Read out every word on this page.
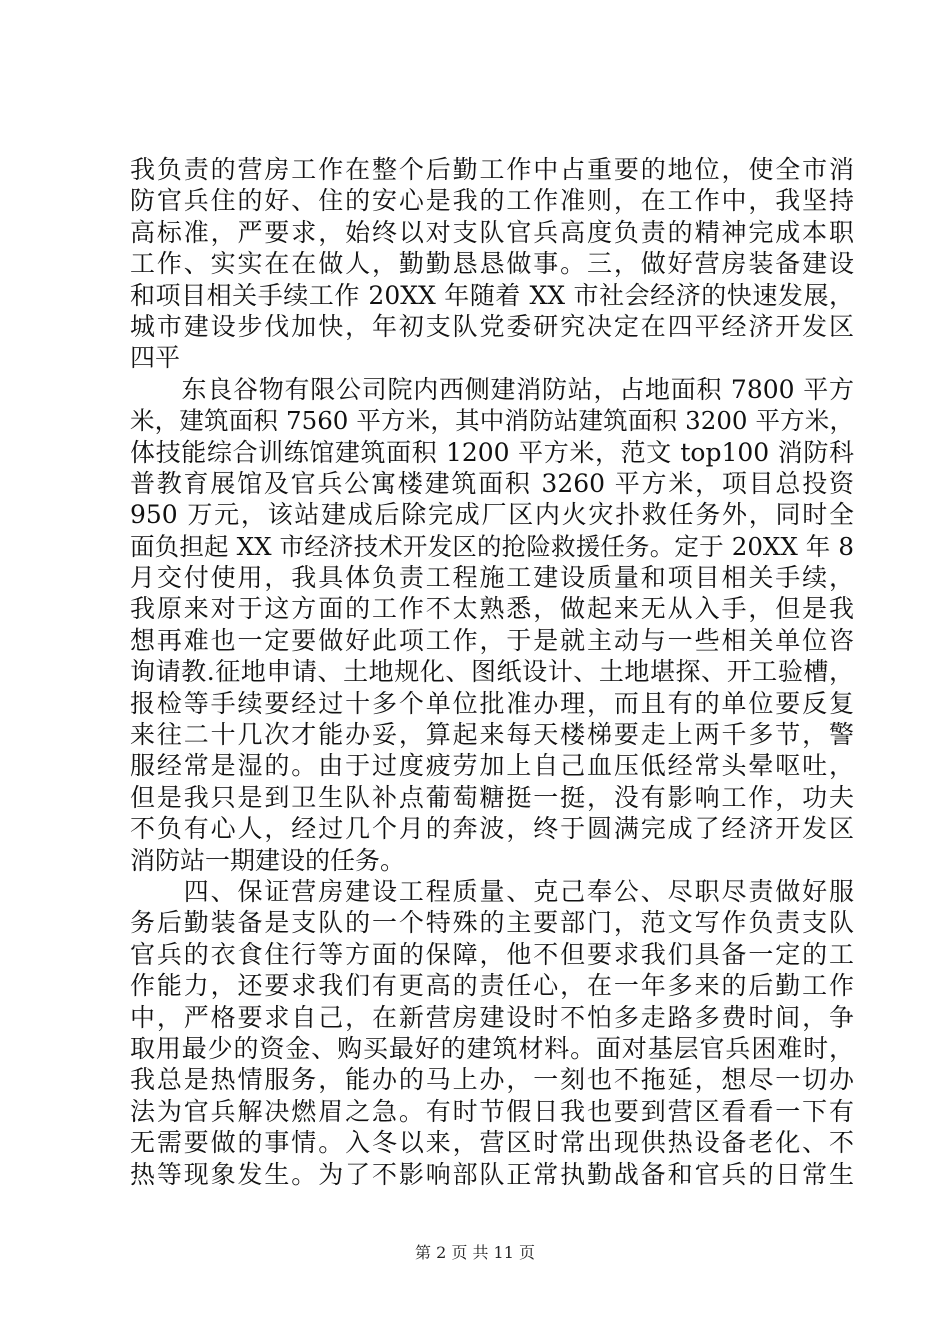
我负责的营房工作在整个后勤工作中占重要的地位，使全市消
防官兵住的好、住的安心是我的工作准则，在工作中，我坚持
高标准，严要求，始终以对支队官兵高度负责的精神完成本职
工作、实实在在做人，勤勤恳恳做事。三，做好营房装备建设
和项目相关手续工作 20XX 年随着 XX 市社会经济的快速发展，
城市建设步伐加快，年初支队党委研究决定在四平经济开发区
四平
　　东良谷物有限公司院内西侧建消防站，占地面积 7800 平方
米，建筑面积 7560 平方米，其中消防站建筑面积 3200 平方米，
体技能综合训练馆建筑面积 1200 平方米，范文 top100 消防科
普教育展馆及官兵公寓楼建筑面积 3260 平方米，项目总投资
950 万元，该站建成后除完成厂区内火灾扑救任务外，同时全
面负担起 XX 市经济技术开发区的抢险救援任务。定于 20XX 年 8
月交付使用，我具体负责工程施工建设质量和项目相关手续，
我原来对于这方面的工作不太熟悉，做起来无从入手，但是我
想再难也一定要做好此项工作，于是就主动与一些相关单位咨
询请教.征地申请、土地规化、图纸设计、土地堪探、开工验槽，
报检等手续要经过十多个单位批准办理，而且有的单位要反复
来往二十几次才能办妥，算起来每天楼梯要走上两千多节，警
服经常是湿的。由于过度疲劳加上自己血压低经常头晕呕吐，
但是我只是到卫生队补点葡萄糖挺一挺，没有影响工作，功夫
不负有心人，经过几个月的奔波，终于圆满完成了经济开发区
消防站一期建设的任务。
　　四、保证营房建设工程质量、克己奉公、尽职尽责做好服
务后勤装备是支队的一个特殊的主要部门，范文写作负责支队
官兵的衣食住行等方面的保障，他不但要求我们具备一定的工
作能力，还要求我们有更高的责任心，在一年多来的后勤工作
中，严格要求自己，在新营房建设时不怕多走路多费时间，争
取用最少的资金、购买最好的建筑材料。面对基层官兵困难时，
我总是热情服务，能办的马上办，一刻也不拖延，想尽一切办
法为官兵解决燃眉之急。有时节假日我也要到营区看看一下有
无需要做的事情。入冬以来，营区时常出现供热设备老化、不
热等现象发生。为了不影响部队正常执勤战备和官兵的日常生
第 2 页 共 11 页
